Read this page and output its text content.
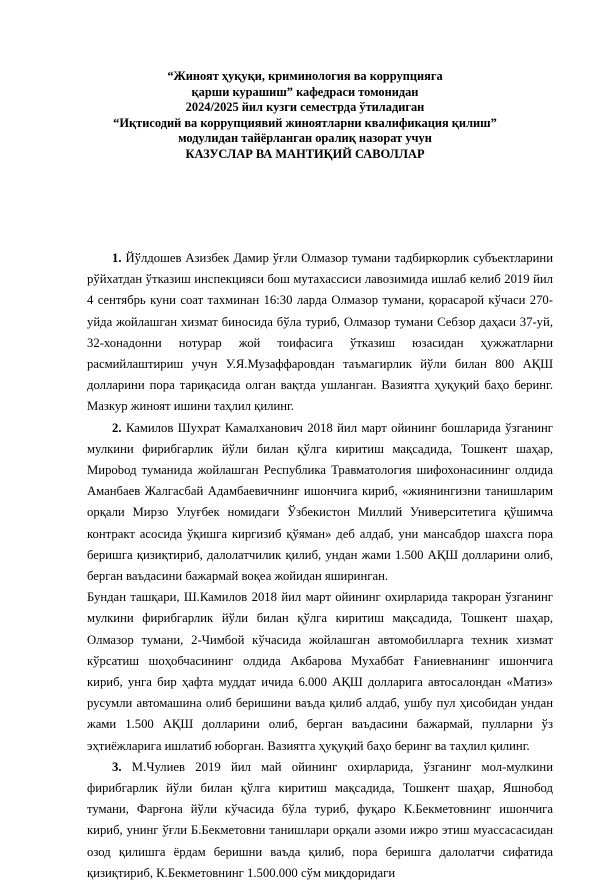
“Жиноят ҳуқуқи, криминология ва коррупцияга
қарши курашиш” кафедраси томонидан
2024/2025 йил кузги семестрда ўтиладиган
“Иқтисодий ва коррупциявий жиноятларни квалификация қилиш”
модулидан тайёрланган оралиқ назорат учун
КАЗУСЛАР ВА МАНТИҚИЙ САВОЛЛАР

1. Йўлдошев Азизбек Дамир ўғли Олмазор тумани тадбиркорлик субъектларини рўйхатдан ўтказиш инспекцияси бош мутахассиси лавозимида ишлаб келиб 2019 йил 4 сентябрь куни соат тахминан 16:30 ларда Олмазор тумани, қорасарой кўчаси 270-уйда жойлашган хизмат биносида бўла туриб, Олмазор тумани Себзор даҳаси 37-уй, 32-хонадонни нотурар жой тоифасига ўтказиш юзасидан ҳужжатларни расмийлаштириш учун У.Я.Музаффаровдан таъмагирлик йўли билан 800 АҚШ долларини пора тариқасида олган вақтда ушланган. Вазиятга ҳуқуқий баҳо беринг. Мазкур жиноят ишини таҳлил қилинг.

2. Камилов Шухрат Камалханович 2018 йил март ойининг бошларида ўзганинг мулкини фирибгарлик йўли билан қўлга киритиш мақсадида, Тошкент шаҳар, Мирobод туманида жойлашган Республика Травматология шифохонасининг олдида Аманбаев Жалгасбай Адамбаевичнинг ишончига кириб, «жиянингизни танишларим орқали Мирзо Улуғбек номидаги Ўзбекистон Миллий Университетига қўшимча контракт асосида ўқишга киргизиб қўяман» деб алдаб, уни мансабдор шахсга пора беришга қизиқтириб, далолатчилик қилиб, ундан жами 1.500 АҚШ долларини олиб, берган ваъдасини бажармай воқеа жойидан яширинган.

Бундан ташқари, Ш.Камилов 2018 йил март ойининг охирларида такроран ўзганинг мулкини фирибгарлик йўли билан қўлга киритиш мақсадида, Тошкент шаҳар, Олмазор тумани, 2-Чимбой кўчасида жойлашган автомобилларга техник хизмат кўрсатиш шоҳобчасининг олдида Акбарова Мухаббат Ғаниевнанинг ишончига кириб, унга бир ҳафта муддат ичида 6.000 АҚШ долларига автосалондан «Матиз» русумли автомашина олиб беришини ваъда қилиб алдаб, ушбу пул ҳисобидан ундан жами 1.500 АҚШ долларини олиб, берган ваъдасини бажармай, пулларни ўз эҳтиёжларига ишлатиб юборган. Вазиятга ҳуқуқий баҳо беринг ва таҳлил қилинг.

3. М.Чулиев 2019 йил май ойининг охирларида, ўзганинг мол-мулкини фирибгарлик йўли билан қўлга киритиш мақсадида, Тошкент шаҳар, Яшнобод тумани, Фарғона йўли кўчасида бўла туриб, фуқаро К.Бекметовнинг ишончига кириб, унинг ўғли Б.Бекметовни танишлари орқали əзоми ижро этиш муассасасидан озод қилишга ёрдам беришни ваъда қилиб, пора беришга далолатчи сифатида қизиқтириб, К.Бекметовнинг 1.500.000 сўм миқдоридаги
